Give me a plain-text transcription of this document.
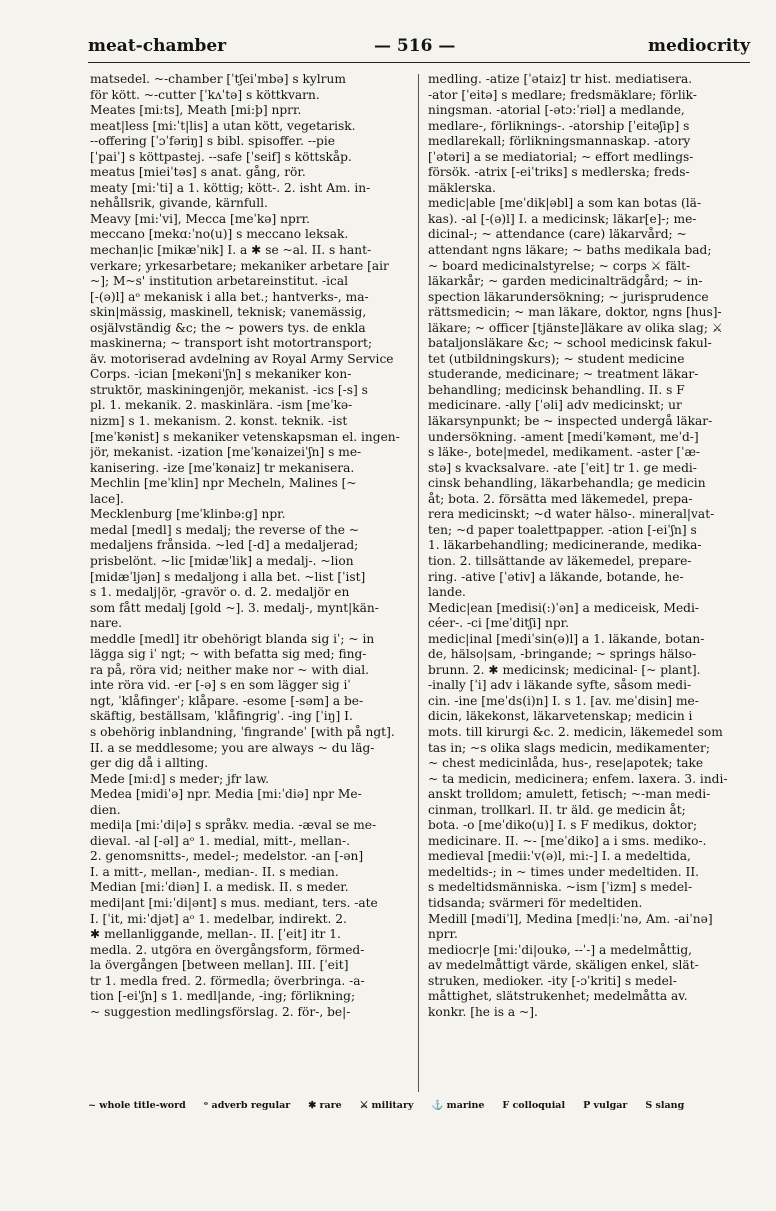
meat-chamber	— 516 —	mediocrity
matsedel. ~-chamber [ˈtʃeiˈmbə] s kylrum
för kött. ~-cutter [ˈkʌˈtə] s köttkvarn.
Meates [mi:ts], Meath [mi:þ] nprr.
meat|less [mi:ˈt|lis] a utan kött, vegetarisk.
--offering [ˈɔˈfəriŋ] s bibl. spisoffer. --pie
[ˈpaiˈ] s köttpastej. --safe [ˈseif] s köttskåp.
meatus [mieiˈtəs] s anat. gång, rör.
meaty [mi:ˈti] a 1. köttig; kött-. 2. isht Am. in-
nehållsrik, givande, kärnfull.
Meavy [mi:ˈvi], Mecca [meˈkə] nprr.
meccano [mekɑ:ˈno(u)] s meccano leksak.
mechan|ic [mikæˈnik] I. a ✱ se ~al. II. s hant-
verkare; yrkesarbetare; mekaniker arbetare [air
~]; M~s' institution arbetareinstitut. -ical
[-(ə)l] aᵒ mekanisk i alla bet.; hantverks-, ma-
skin|mässig, maskinell, teknisk; vanemässig,
osjälvständig &c; the ~ powers tys. de enkla
maskinerna; ~ transport isht motortransport;
äv. motoriserad avdelning av Royal Army Service
Corps. -ician [mekəniˈʃn] s mekaniker kon-
struktör, maskiningenjör, mekanist. -ics [-s] s
pl. 1. mekanik. 2. maskinlära. -ism [meˈkə-
nizm] s 1. mekanism. 2. konst. teknik. -ist
[meˈkənist] s mekaniker vetenskapsman el. ingen-
jör, mekanist. -ization [meˈkənaizeiˈʃn] s me-
kanisering. -ize [meˈkənaiz] tr mekanisera.
Mechlin [meˈklin] npr Mecheln, Malines [~
lace].
Mecklenburg [meˈklinbə:g] npr.
medal [medl] s medalj; the reverse of the ~
medaljens frånsida. ~led [-d] a medaljerad;
prisbelönt. ~lic [midæˈlik] a medalj-. ~lion
[midæˈljən] s medaljong i alla bet. ~list [ˈist]
s 1. medalj|ör, -gravör o. d. 2. medaljör en
som fått medalj [gold ~]. 3. medalj-, mynt|kän-
nare.
meddle [medl] itr obehörigt blanda sig iˈ; ~ in
lägga sig iˈ ngt; ~ with befatta sig med; fing-
ra på, röra vid; neither make nor ~ with dial.
inte röra vid. -er [-ə] s en som lägger sig iˈ
ngt, ˈklåfingerˈ; klåpare. -esome [-səm] a be-
skäftig, beställsam, ˈklåfingrigˈ. -ing [ˈiŋ] I.
s obehörig inblandning, ˈfingrandeˈ [with på ngt].
II. a se meddlesome; you are always ~ du läg-
ger dig då i allting.
Mede [mi:d] s meder; jfr law.
Medea [midiˈə] npr. Media [mi:ˈdiə] npr Me-
dien.
medi|a [mi:ˈdi|ə] s språkv. media. -æval se me-
dieval. -al [-əl] aᵒ 1. medial, mitt-, mellan-.
2. genomsnitts-, medel-; medelstor. -an [-ən]
I. a mitt-, mellan-, median-. II. s median.
Median [mi:ˈdiən] I. a medisk. II. s meder.
medi|ant [mi:ˈdi|ənt] s mus. mediant, ters. -ate
I. [ˈit, mi:ˈdjət] aᵒ 1. medelbar, indirekt. 2.
✱ mellanliggande, mellan-. II. [ˈeit] itr 1.
medla. 2. utgöra en övergångsform, förmed-
la övergången [between mellan]. III. [ˈeit]
tr 1. medla fred. 2. förmedla; överbringa. -a-
tion [-eiˈʃn] s 1. medl|ande, -ing; förlikning;
~ suggestion medlingsförslag. 2. för-, be|-
medling. -atize [ˈətaiz] tr hist. mediatisera.
-ator [ˈeitə] s medlare; fredsmäklare; förlik-
ningsman. -atorial [-ətɔ:ˈriəl] a medlande,
medlare-, förliknings-. -atorship [ˈeitəʃip] s
medlarekall; förlikningsmannaskap. -atory
[ˈətəri] a se mediatorial; ~ effort medlings-
försök. -atrix [-eiˈtriks] s medlerska; freds-
mäklerska.
medic|able [meˈdik|əbl] a som kan botas (lä-
kas). -al [-(ə)l] I. a medicinsk; läkar[e]-; me-
dicinal-; ~ attendance (care) läkarvård; ~
attendant ngns läkare; ~ baths medikala bad;
~ board medicinalstyrelse; ~ corps ⚔ fält-
läkarkår; ~ garden medicinalträdgård; ~ in-
spection läkarundersökning; ~ jurisprudence
rättsmedicin; ~ man läkare, doktor, ngns [hus]-
läkare; ~ officer [tjänste]läkare av olika slag; ⚔
bataljonsläkare &c; ~ school medicinsk fakul-
tet (utbildningskurs); ~ student medicine
studerande, medicinare; ~ treatment läkar-
behandling; medicinsk behandling. II. s F
medicinare. -ally [ˈəli] adv medicinskt; ur
läkarsynpunkt; be ~ inspected undergå läkar-
undersökning. -ament [mediˈkəmənt, meˈd-]
s läke-, bote|medel, medikament. -aster [ˈæ-
stə] s kvacksalvare. -ate [ˈeit] tr 1. ge medi-
cinsk behandling, läkarbehandla; ge medicin
åt; bota. 2. försätta med läkemedel, prepa-
rera medicinskt; ~d water hälso-. mineral|vat-
ten; ~d paper toalettpapper. -ation [-eiˈʃn] s
1. läkarbehandling; medicinerande, medika-
tion. 2. tillsättande av läkemedel, preparе-
ring. -ative [ˈətiv] a läkande, botande, he-
lande.
Medic|ean [medisi(:)ˈən] a mediceisk, Medi-
céer-. -ci [meˈditʃi] npr.
medic|inal [mediˈsin(ə)l] a 1. läkande, botan-
de, hälso|sam, -bringande; ~ springs hälso-
brunn. 2. ✱ medicinsk; medicinal- [~ plant].
-inally [ˈi] adv i läkande syfte, såsom medi-
cin. -ine [meˈds(i)n] I. s 1. [av. meˈdisin] me-
dicin, läkekonst, läkarvetenskap; medicin i
mots. till kirurgi &c. 2. medicin, läkemedel som
tas in; ~s olika slags medicin, medikamenter;
~ chest medicinlåda, hus-, rese|apotek; take
~ ta medicin, medicinera; enfem. laxera. 3. indi-
anskt trolldom; amulett, fetisch; ~-man medi-
cinman, trollkarl. II. tr äld. ge medicin åt;
bota. -o [meˈdiko(u)] I. s F medikus, doktor;
medicinare. II. ~- [meˈdiko] a i sms. mediko-.
medieval [medii:ˈv(ə)l, mi:-] I. a medeltida,
medeltids-; in ~ times under medeltiden. II.
s medeltidsmänniska. ~ism [ˈizm] s medel-
tidsanda; svärmeri för medeltiden.
Medill [mədiˈl], Medina [med|iːˈnə, Am. -aiˈnə]
nprr.
mediocr|e [mi:ˈdi|oukə, --ˈ-] a medelmåttig,
av medelmåttigt värde, skäligen enkel, slät-
struken, medioker. -ity [-ɔˈkriti] s medel-
måttighet, slätstrukenhet; medelmåtta av.
konkr. [he is a ~].
~ whole title-word ᵒ adverb regular ✱ rare ⚔ military ⚓ marine F colloquial P vulgar S slang
